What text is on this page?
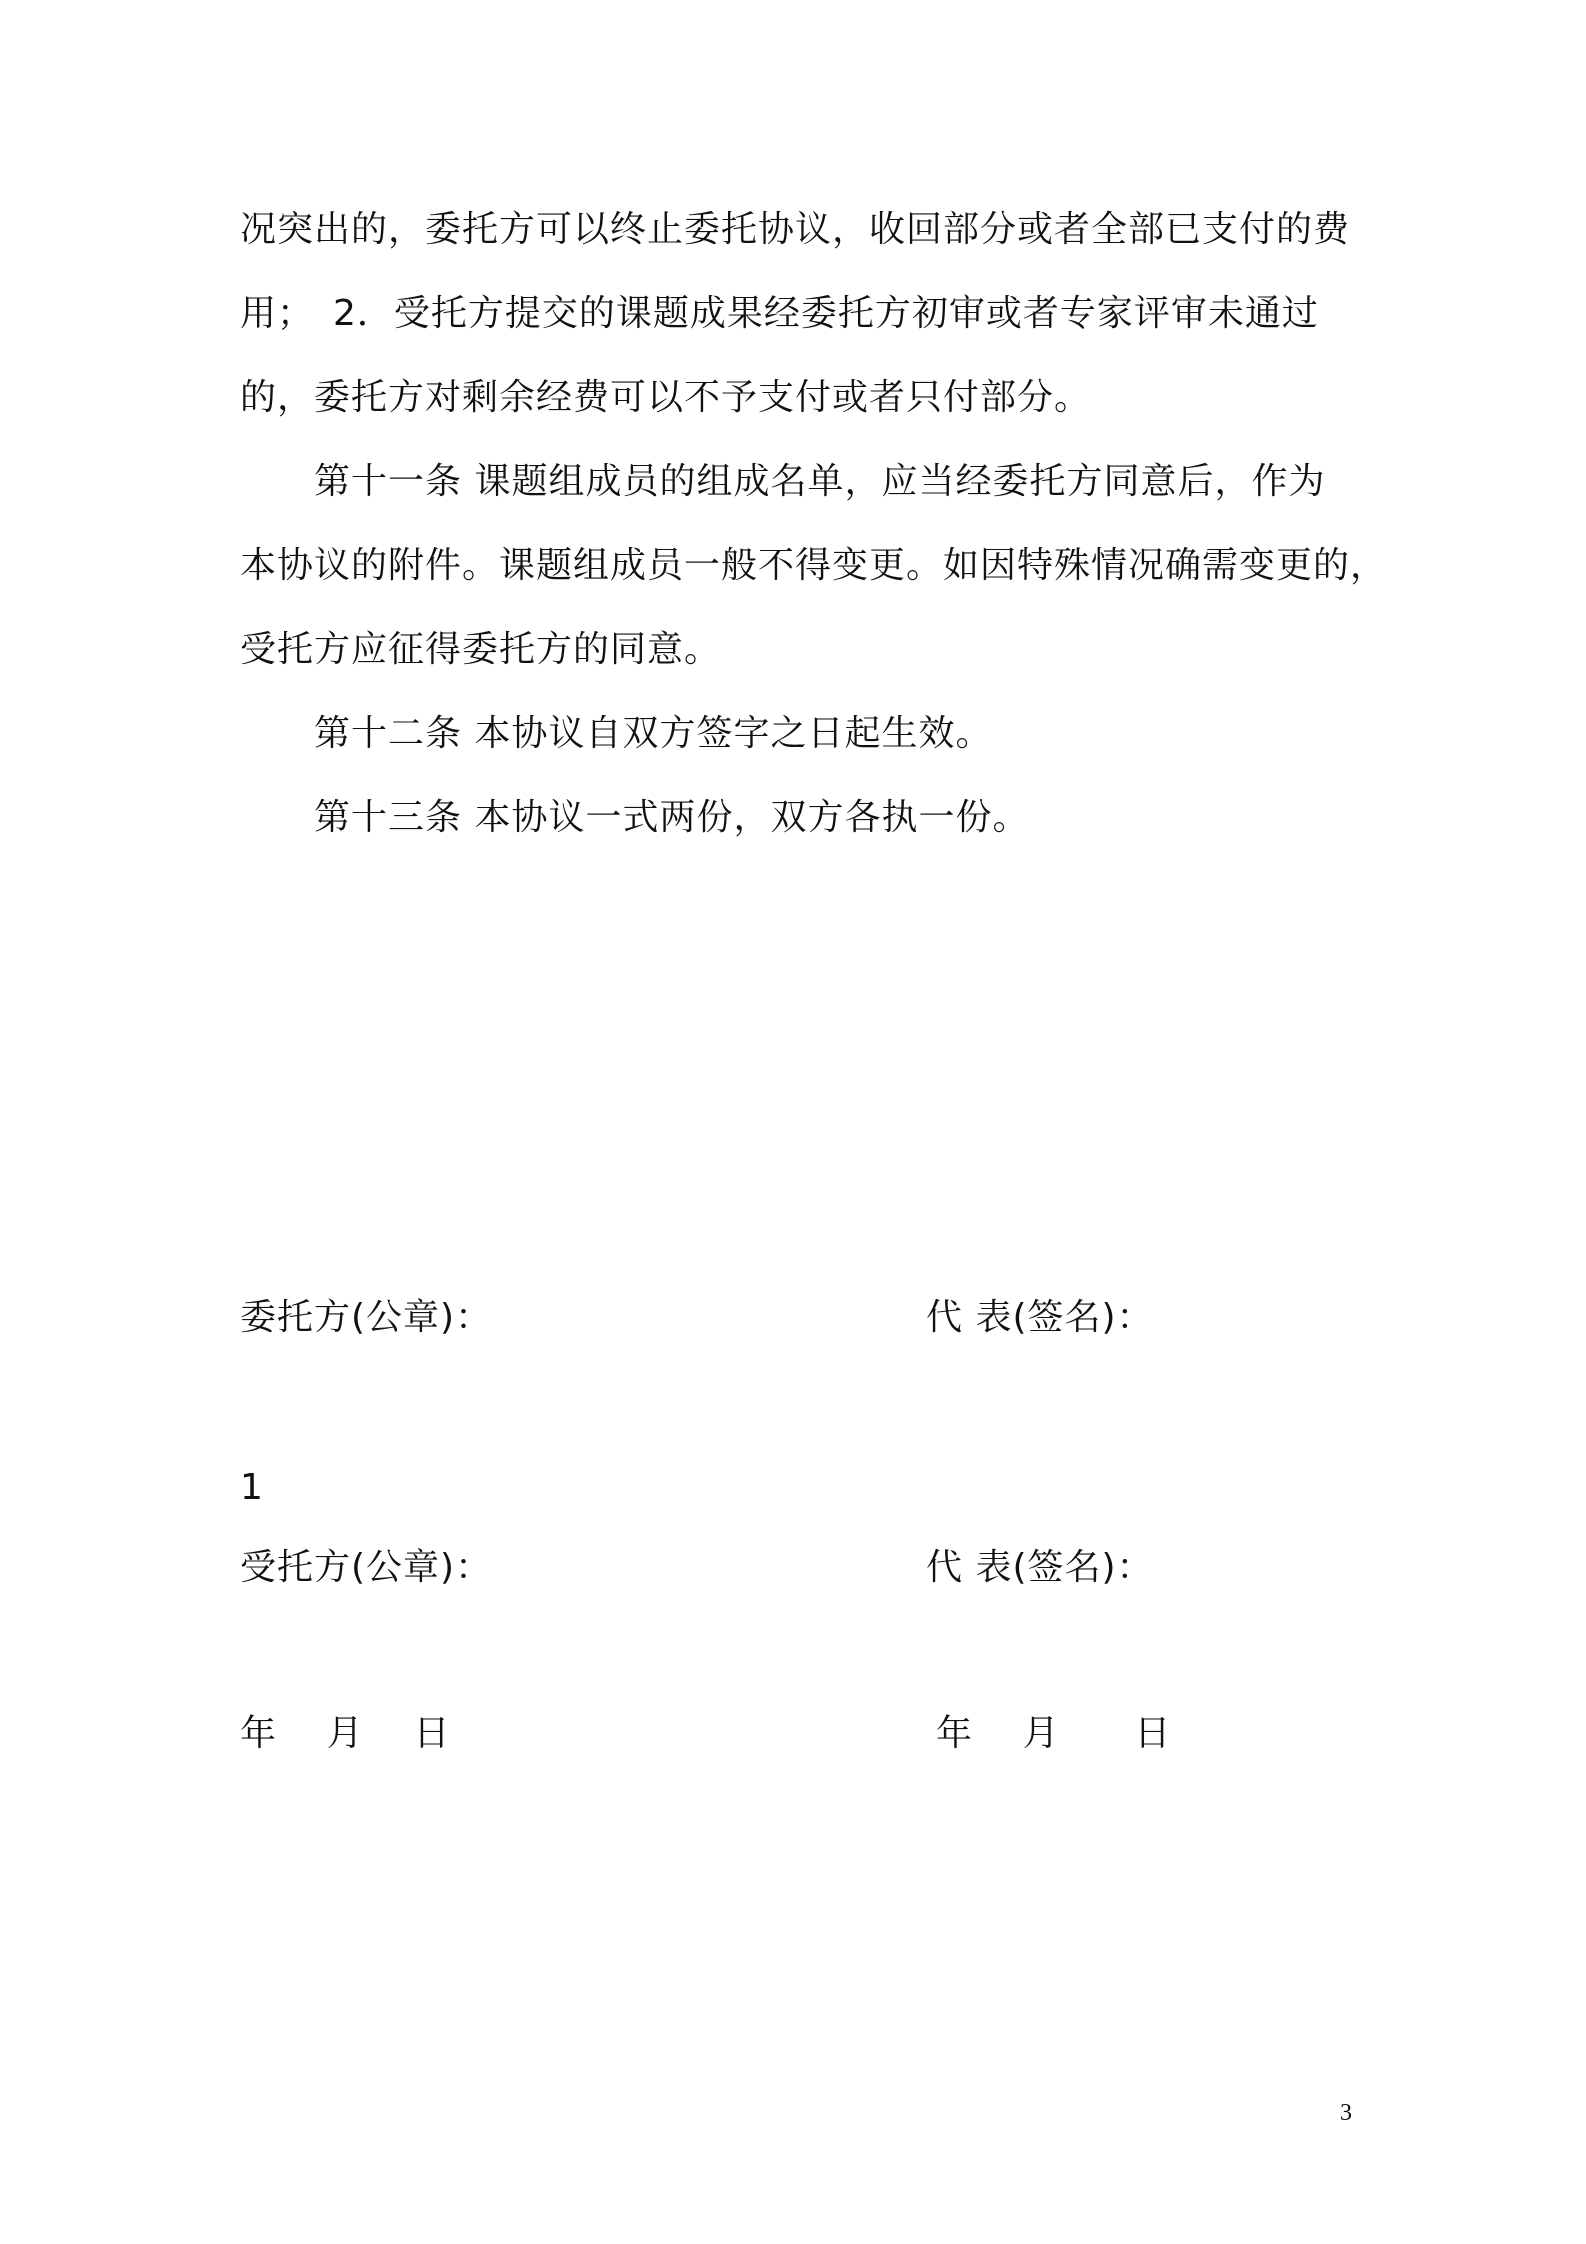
况突出的，委托方可以终止委托协议，收回部分或者全部已支付的费
用；　2．受托方提交的课题成果经委托方初审或者专家评审未通过
的，委托方对剩余经费可以不予支付或者只付部分。
第十一条 课题组成员的组成名单，应当经委托方同意后，作为
本协议的附件。课题组成员一般不得变更。如因特殊情况确需变更的，
受托方应征得委托方的同意。
第十二条 本协议自双方签字之日起生效。
第十三条 本协议一式两份，双方各执一份。
委托方(公章)：	代 表(签名)：
1
受托方(公章)：	代 表(签名)：
年    月    日	年    月      日
3
